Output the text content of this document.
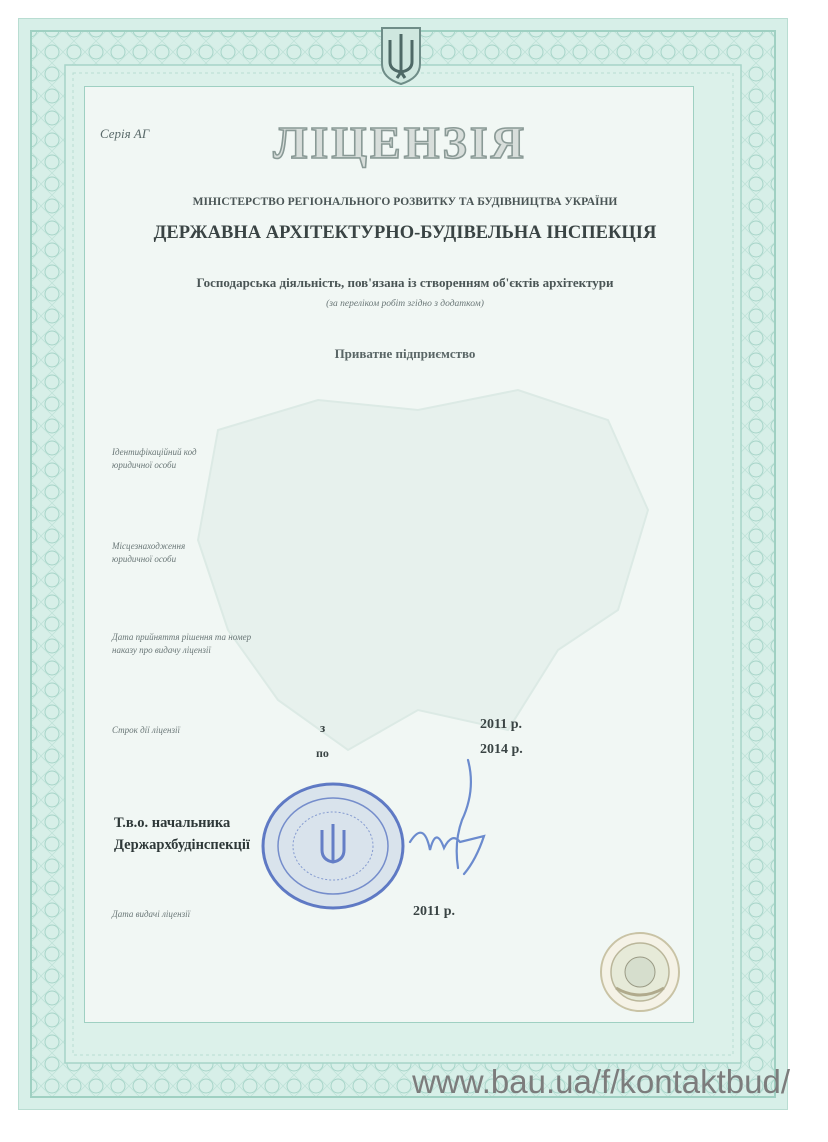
Серія АГ	ЛІЦЕНЗІЯ

МІНІСТЕРСТВО РЕГІОНАЛЬНОГО РОЗВИТКУ ТА БУДІВНИЦТВА УКРАЇНИ

ДЕРЖАВНА АРХІТЕКТУРНО-БУДІВЕЛЬНА ІНСПЕКЦІЯ

Господарська діяльність, пов'язана із створенням об'єктів архітектури

(за переліком робіт згідно з додатком)

Приватне підприємство

Ідентифікаційний код
юридичної особи
Місцезнаходження
юридичної особи
Дата прийняття рішення та номер
наказу про видачу ліцензії
Строк дії ліцензії	з	2011 р.
по	2014 р.
Т.в.о. начальника
Держархбудінспекції
Дата видачі ліцензії	2011 р.

www.bau.ua/f/kontaktbud/
